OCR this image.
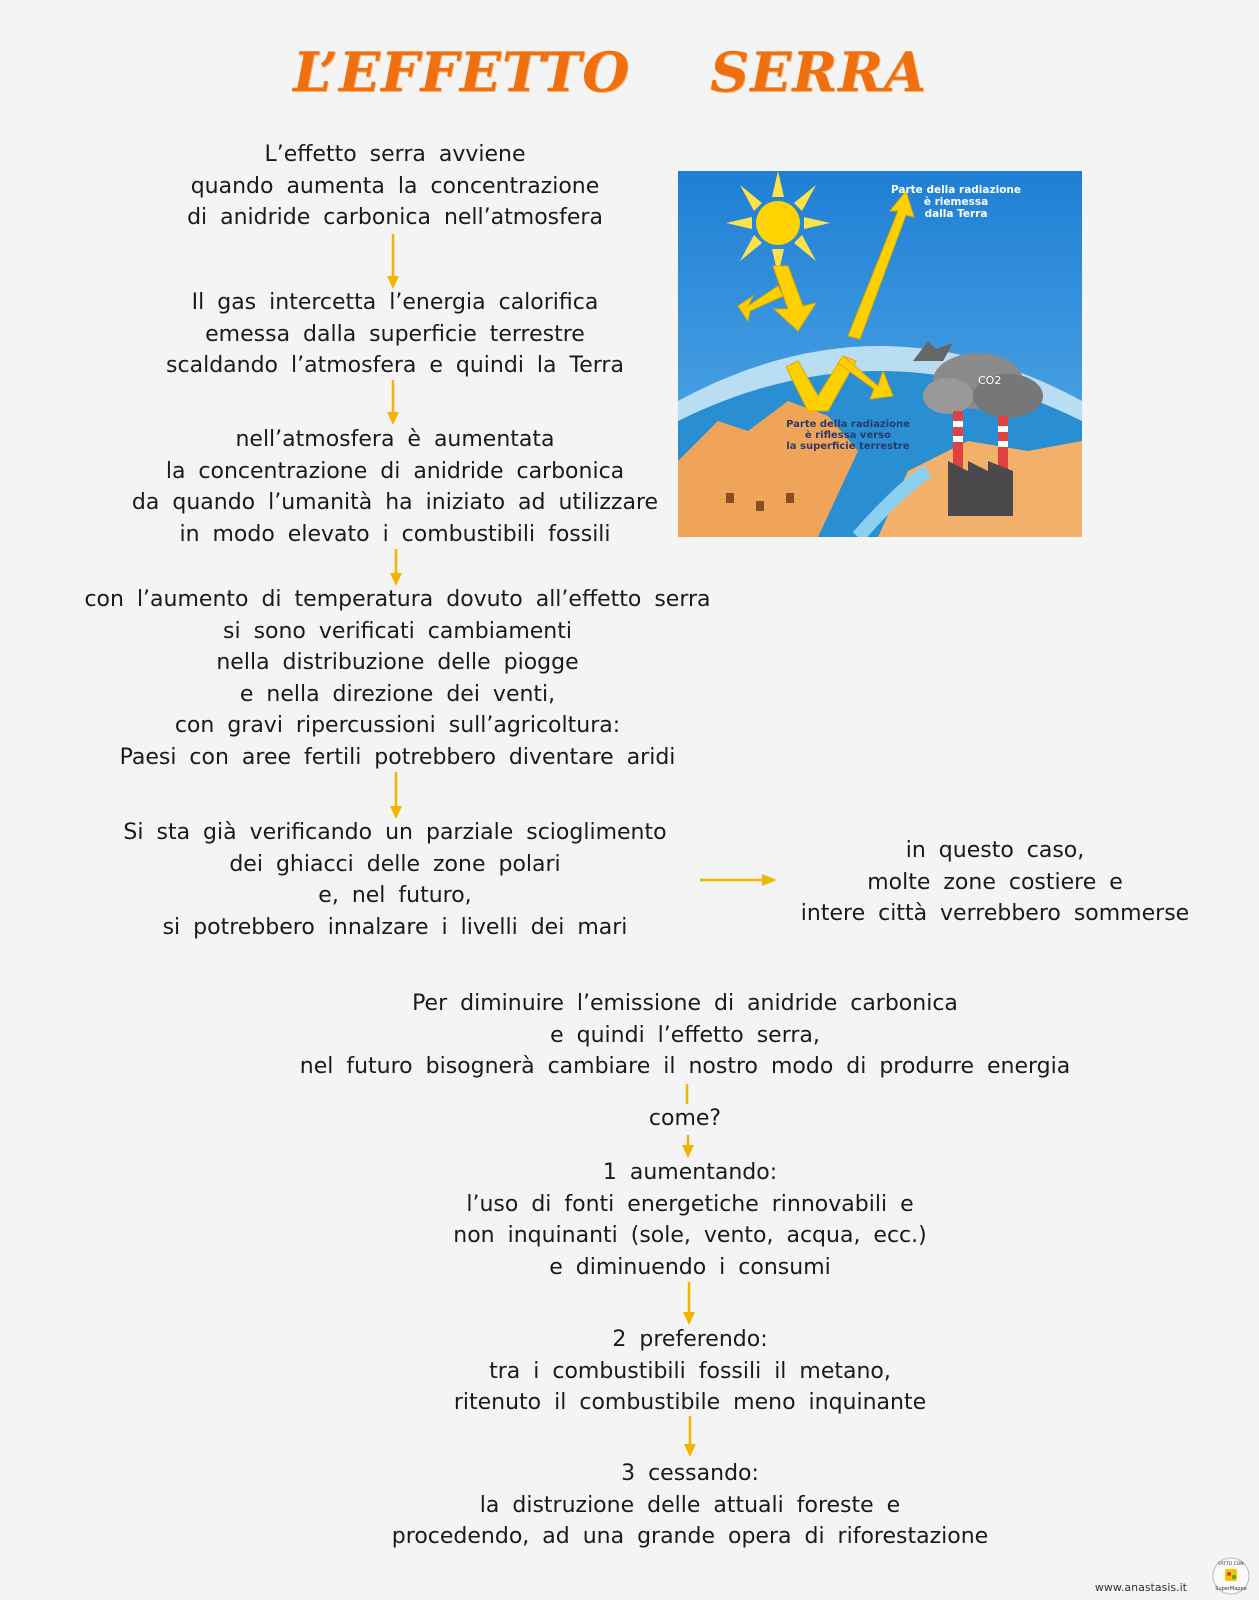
L’EFFETTO SERRA
L’effetto serra avviene
quando aumenta la concentrazione
di anidride carbonica nell’atmosfera
Il gas intercetta l’energia calorifica
emessa dalla superficie terrestre
scaldando l’atmosfera e quindi la Terra
nell’atmosfera è aumentata
la concentrazione di anidride carbonica
da quando l’umanità ha iniziato ad utilizzare
in modo elevato i combustibili fossili
con l’aumento di temperatura dovuto all’effetto serra
si sono verificati cambiamenti
nella distribuzione delle piogge
e nella direzione dei venti,
con gravi ripercussioni sull’agricoltura:
Paesi con aree fertili potrebbero diventare aridi
Si sta già verificando un parziale scioglimento
dei ghiacci delle zone polari
e, nel futuro,
si potrebbero innalzare i livelli dei mari
in questo caso,
molte zone costiere e
intere città verrebbero sommerse
Per diminuire l’emissione di anidride carbonica
e quindi l’effetto serra,
nel futuro bisognerà cambiare il nostro modo di produrre energia
come?
1 aumentando:
l’uso di fonti energetiche rinnovabili e
non inquinanti (sole, vento, acqua, ecc.)
e diminuendo i consumi
2 preferendo:
tra i combustibili fossili il metano,
ritenuto il combustibile meno inquinante
3 cessando:
la distruzione delle attuali foreste e
procedendo, ad una grande opera di riforestazione
CO2
Parte della radiazione
è riemessa
dalla Terra
Parte della radiazione
è riflessa verso
la superficie terrestre
www.anastasis.it
FATTO CON
SuperMappe
